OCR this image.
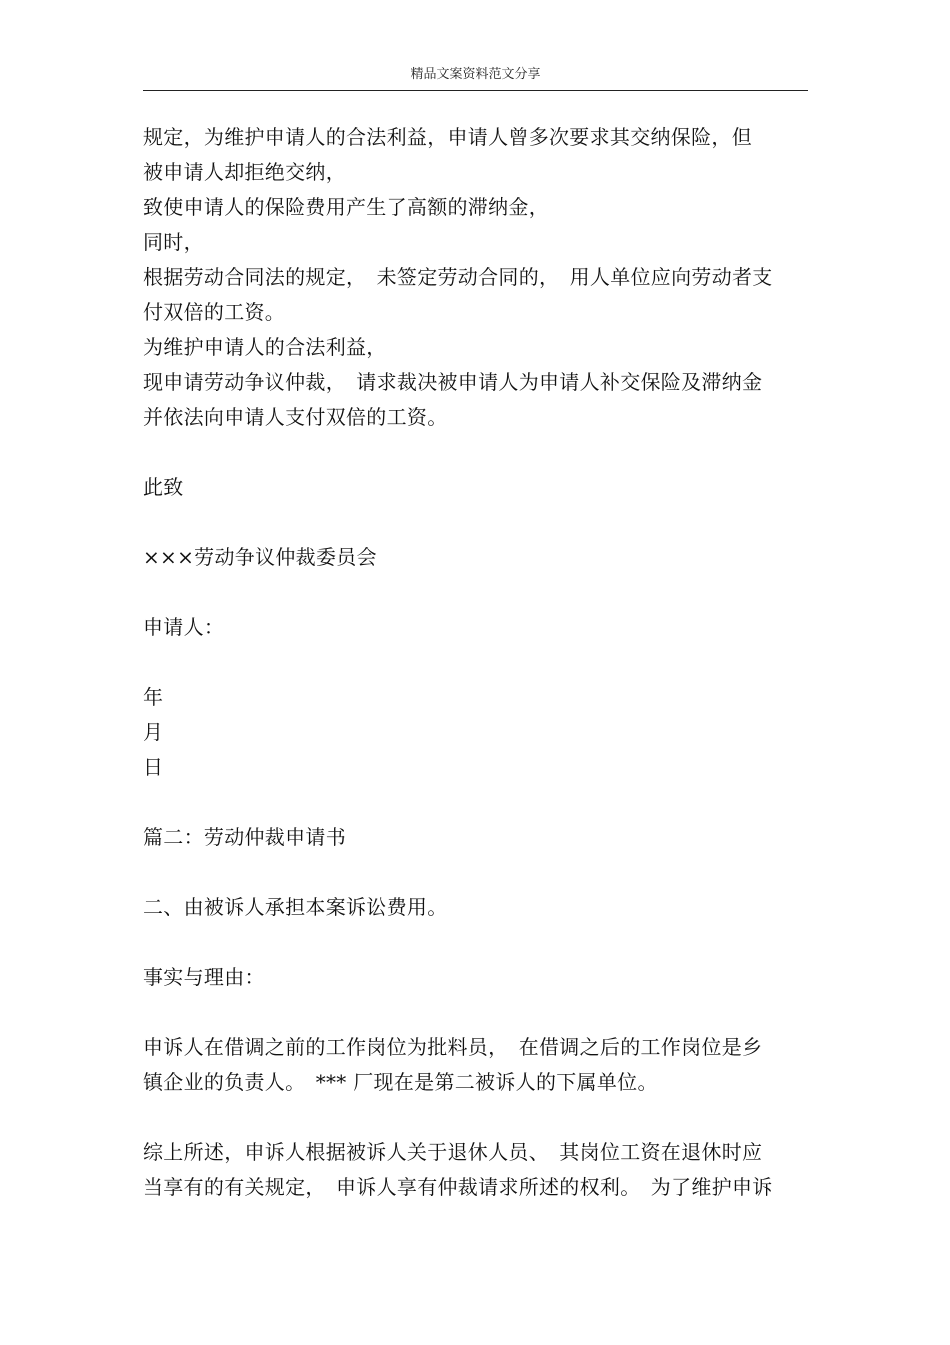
精品文案资料范文分享
规定，为维护申请人的合法利益，申请人曾多次要求其交纳保险，但
被申请人却拒绝交纳，
致使申请人的保险费用产生了高额的滞纳金，
同时，
根据劳动合同法的规定，　未签定劳动合同的，　用人单位应向劳动者支
付双倍的工资。
为维护申请人的合法利益，
现申请劳动争议仲裁，　请求裁决被申请人为申请人补交保险及滞纳金
并依法向申请人支付双倍的工资。
此致
×××劳动争议仲裁委员会
申请人：
年
月
日
篇二：劳动仲裁申请书
二、由被诉人承担本案诉讼费用。
事实与理由：
申诉人在借调之前的工作岗位为批料员，　在借调之后的工作岗位是乡
镇企业的负责人。　*** 厂现在是第二被诉人的下属单位。
综上所述，申诉人根据被诉人关于退休人员、　其岗位工资在退休时应
当享有的有关规定，　申诉人享有仲裁请求所述的权利。　为了维护申诉
